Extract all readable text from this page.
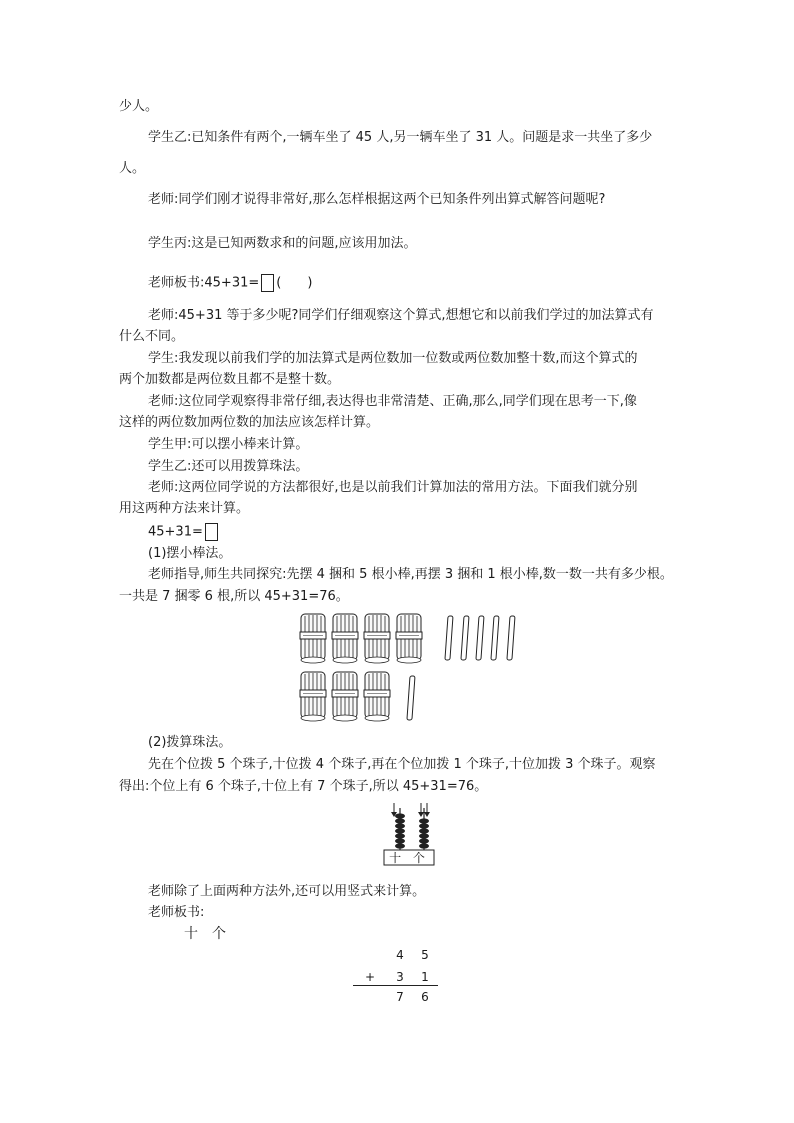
少人。
学生乙:已知条件有两个,一辆车坐了 45 人,另一辆车坐了 31 人。问题是求一共坐了多少
人。
老师:同学们刚才说得非常好,那么怎样根据这两个已知条件列出算式解答问题呢?
学生丙:这是已知两数求和的问题,应该用加法。
老师板书:45+31= (　　)
老师:45+31 等于多少呢?同学们仔细观察这个算式,想想它和以前我们学过的加法算式有
什么不同。
学生:我发现以前我们学的加法算式是两位数加一位数或两位数加整十数,而这个算式的
两个加数都是两位数且都不是整十数。
老师:这位同学观察得非常仔细,表达得也非常清楚、正确,那么,同学们现在思考一下,像
这样的两位数加两位数的加法应该怎样计算。
学生甲:可以摆小棒来计算。
学生乙:还可以用拨算珠法。
老师:这两位同学说的方法都很好,也是以前我们计算加法的常用方法。下面我们就分别
用这两种方法来计算。
45+31=
(1)摆小棒法。
老师指导,师生共同探究:先摆 4 捆和 5 根小棒,再摆 3 捆和 1 根小棒,数一数一共有多少根。
一共是 7 捆零 6 根,所以 45+31=76。
(2)拨算珠法。
先在个位拨 5 个珠子,十位拨 4 个珠子,再在个位加拨 1 个珠子,十位加拨 3 个珠子。观察
得出:个位上有 6 个珠子,十位上有 7 个珠子,所以 45+31=76。
十 个
老师除了上面两种方法外,还可以用竖式来计算。
老师板书:
十　个
4	5
+	3	1
7	6
